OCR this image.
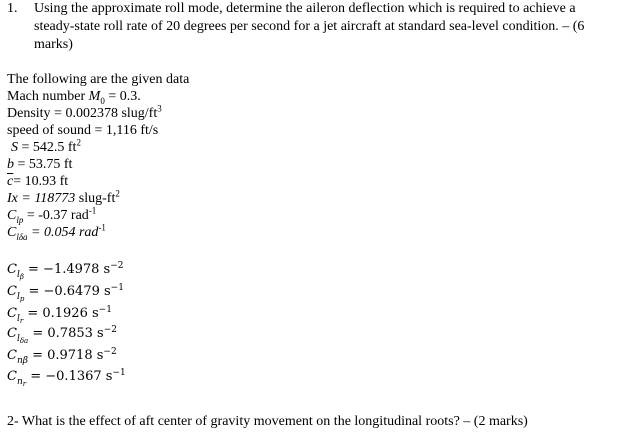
1. Using the approximate roll mode, determine the aileron deflection which is required to achieve a
steady-state roll rate of 20 degrees per second for a jet aircraft at standard sea-level condition. – (6
marks)
The following are the given data
Mach number $M_0 = 0.3$.
Density = 0.002378 slug/$ft^3$
speed of sound = 1,116 ft/s
S = 542.5 $ft^2$
b = 53.75 ft
$\overline{c}= 10.93$ ft
Ix = 118773 slug-$ft^2$
$C_{lp} = -0.37$ rad$^{-1}$
$C_{l\delta a} = 0.054$ rad$^{-1}$
$C_{l_\beta} = -1.4978$ $s^{-2}$
$C_{l_p} = -0.6479$ $s^{-1}$
$C_{l_r} = 0.1926$ $s^{-1}$
$C_{l_{\delta a}} = 0.7853$ $s^{-2}$
$C_{n\beta} = 0.9718$ $s^{-2}$
$C_{n_r} = -0.1367$ $s^{-1}$
2- What is the effect of aft center of gravity movement on the longitudinal roots? – (2 marks)
